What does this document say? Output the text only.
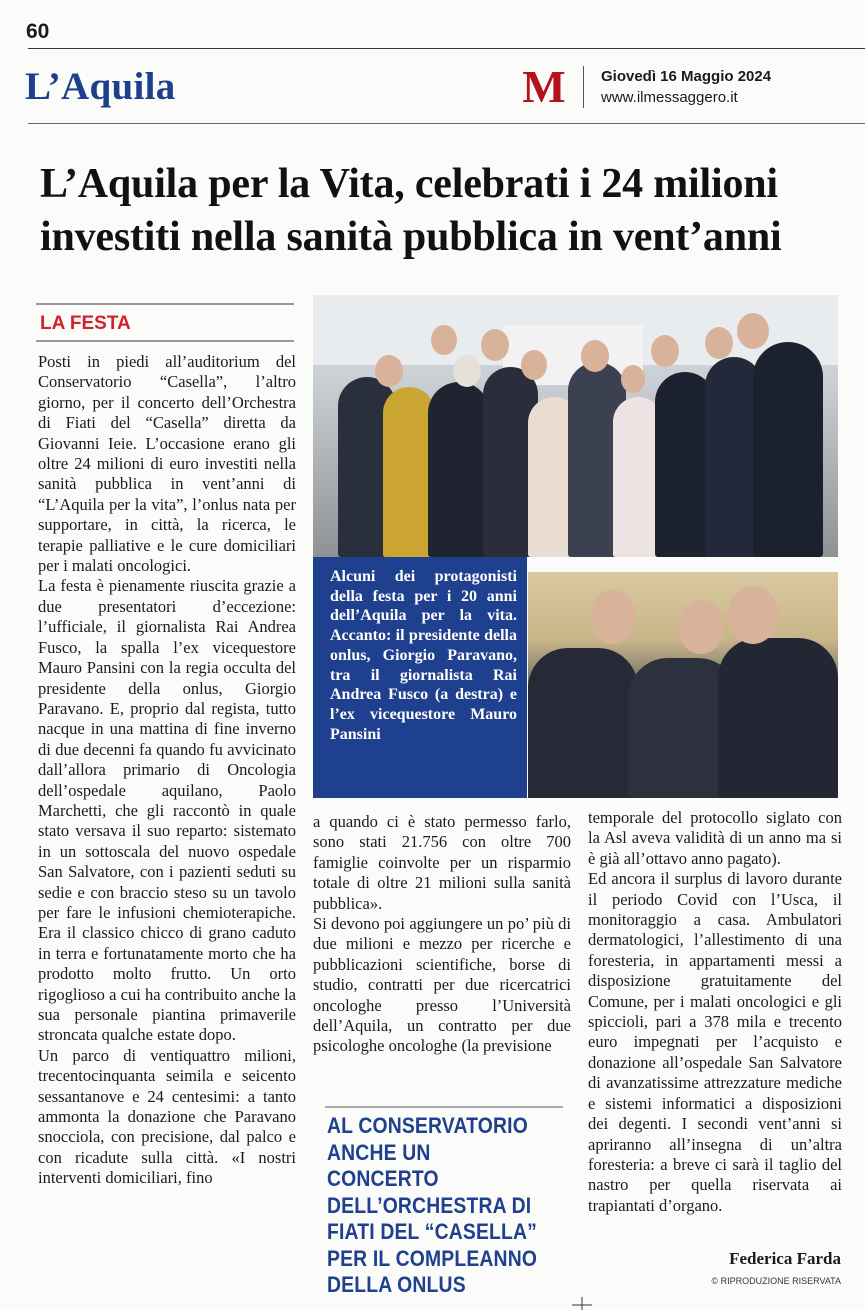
60
L’Aquila	M Giovedì 16 Maggio 2024
www.ilmessaggero.it
L’Aquila per la Vita, celebrati i 24 milioni investiti nella sanità pubblica in vent’anni
LA FESTA

Posti in piedi all’auditorium del Conservatorio “Casella”, l’altro giorno, per il concerto dell’Orchestra di Fiati del “Casella” diretta da Giovanni Ieie. L’occasione erano gli oltre 24 milioni di euro investiti nella sanità pubblica in vent’anni di “L’Aquila per la vita”, l’onlus nata per supportare, in città, la ricerca, le terapie palliative e le cure domiciliari per i malati oncologici.

La festa è pienamente riuscita grazie a due presentatori d’eccezione: l’ufficiale, il giornalista Rai Andrea Fusco, la spalla l’ex vicequestore Mauro Pansini con la regia occulta del presidente della onlus, Giorgio Paravano. E, proprio dal regista, tutto nacque in una mattina di fine inverno di due decenni fa quando fu avvicinato dall’allora primario di Oncologia dell’ospedale aquilano, Paolo Marchetti, che gli raccontò in quale stato versava il suo reparto: sistemato in un sottoscala del nuovo ospedale San Salvatore, con i pazienti seduti su sedie e con braccio steso su un tavolo per fare le infusioni chemioterapiche. Era il classico chicco di grano caduto in terra e fortunatamente morto che ha prodotto molto frutto. Un orto rigoglioso a cui ha contribuito anche la sua personale piantina primaverile stroncata qualche estate dopo.

Un parco di ventiquattro milioni, trecentocinquanta seimila e seicento sessantanove e 24 centesimi: a tanto ammonta la donazione che Paravano snocciola, con precisione, dal palco e con ricadute sulla città. «I nostri interventi domiciliari, fino

Alcuni dei protagonisti della festa per i 20 anni dell’Aquila per la vita. Accanto: il presidente della onlus, Giorgio Paravano, tra il giornalista Rai Andrea Fusco (a destra) e l’ex vicequestore Mauro Pansini

a quando ci è stato permesso farlo, sono stati 21.756 con oltre 700 famiglie coinvolte per un risparmio totale di oltre 21 milioni sulla sanità pubblica».

Si devono poi aggiungere un po’ più di due milioni e mezzo per ricerche e pubblicazioni scientifiche, borse di studio, contratti per due ricercatrici oncologhe presso l’Università dell’Aquila, un contratto per due psicologhe oncologhe (la previsione

AL CONSERVATORIO ANCHE UN CONCERTO DELL’ORCHESTRA DI FIATI DEL “CASELLA” PER IL COMPLEANNO DELLA ONLUS

temporale del protocollo siglato con la Asl aveva validità di un anno ma si è già all’ottavo anno pagato).

Ed ancora il surplus di lavoro durante il periodo Covid con l’Usca, il monitoraggio a casa. Ambulatori dermatologici, l’allestimento di una foresteria, in appartamenti messi a disposizione gratuitamente del Comune, per i malati oncologici e gli spiccioli, pari a 378 mila e trecento euro impegnati per l’acquisto e donazione all’ospedale San Salvatore di avanzatissime attrezzature mediche e sistemi informatici a disposizioni dei degenti. I secondi vent’anni si apriranno all’insegna di un’altra foresteria: a breve ci sarà il taglio del nastro per quella riservata ai trapiantati d’organo.

Federica Farda
© RIPRODUZIONE RISERVATA
